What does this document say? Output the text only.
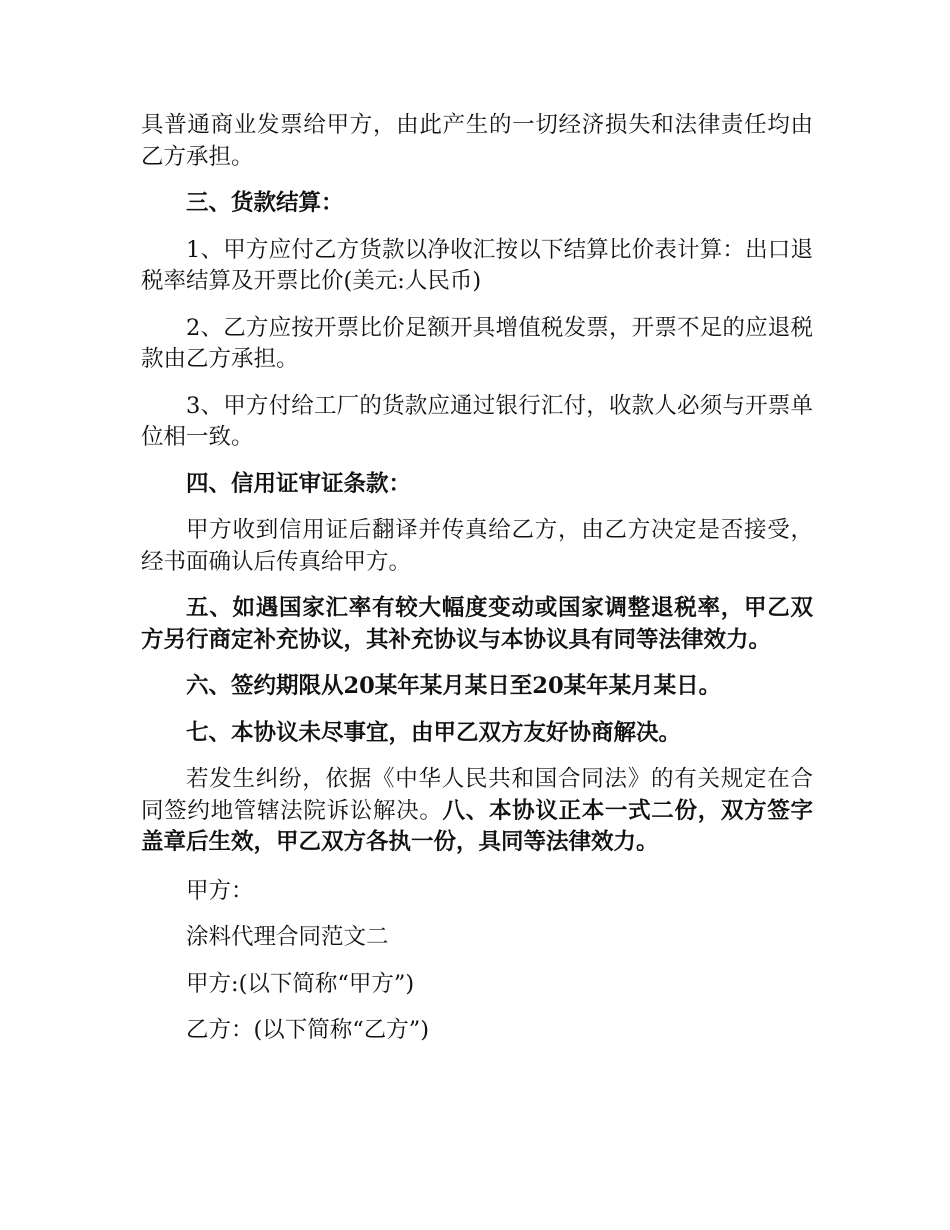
具普通商业发票给甲方，由此产生的一切经济损失和法律责任均由乙方承担。

三、货款结算：

1、甲方应付乙方货款以净收汇按以下结算比价表计算：出口退税率结算及开票比价(美元:人民币)

2、乙方应按开票比价足额开具增值税发票，开票不足的应退税款由乙方承担。

3、甲方付给工厂的货款应通过银行汇付，收款人必须与开票单位相一致。

四、信用证审证条款：

甲方收到信用证后翻译并传真给乙方，由乙方决定是否接受，经书面确认后传真给甲方。

五、如遇国家汇率有较大幅度变动或国家调整退税率，甲乙双方另行商定补充协议，其补充协议与本协议具有同等法律效力。

六、签约期限从20某年某月某日至20某年某月某日。

七、本协议未尽事宜，由甲乙双方友好协商解决。

若发生纠纷，依据《中华人民共和国合同法》的有关规定在合同签约地管辖法院诉讼解决。八、本协议正本一式二份，双方签字盖章后生效，甲乙双方各执一份，具同等法律效力。

甲方：

涂料代理合同范文二

甲方:(以下简称“甲方”)

乙方：(以下简称“乙方”)
